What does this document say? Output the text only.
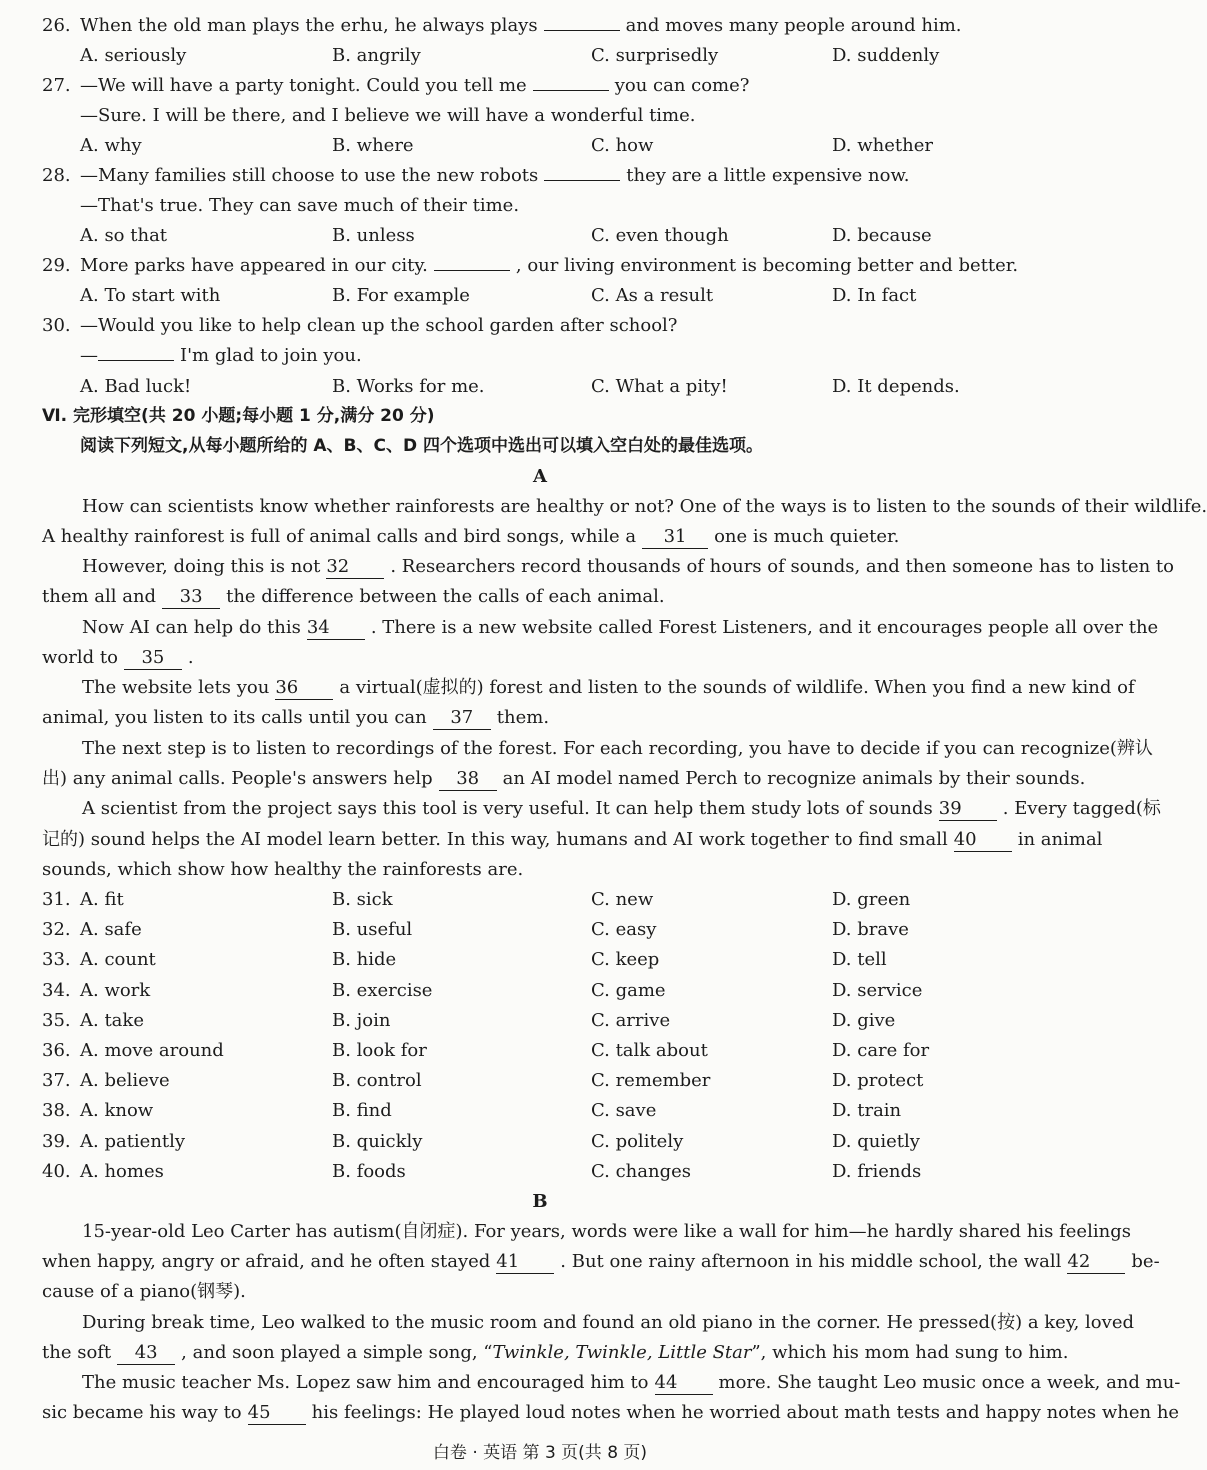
26. When the old man plays the erhu, he always plays	and moves many people around him.
A. seriously	B. angrily	C. surprisedly	D. suddenly
27. —We will have a party tonight. Could you tell me	you can come?
—Sure. I will be there, and I believe we will have a wonderful time.
A. why	B. where	C. how	D. whether
28. —Many families still choose to use the new robots	they are a little expensive now.
—That's true. They can save much of their time.
A. so that	B. unless	C. even though	D. because
29. More parks have appeared in our city.	, our living environment is becoming better and better.
A. To start with	B. For example	C. As a result	D. In fact
30. —Would you like to help clean up the school garden after school?
—	I'm glad to join you.
A. Bad luck!	B. Works for me.	C. What a pity!	D. It depends.
Ⅵ. 完形填空(共 20 小题;每小题 1 分,满分 20 分)
阅读下列短文,从每小题所给的 A、B、C、D 四个选项中选出可以填入空白处的最佳选项。
A
How can scientists know whether rainforests are healthy or not? One of the ways is to listen to the sounds of their wildlife.
A healthy rainforest is full of animal calls and bird songs, while a 31 one is much quieter.
However, doing this is not 32 . Researchers record thousands of hours of sounds, and then someone has to listen to
them all and 33 the difference between the calls of each animal.
Now AI can help do this 34 . There is a new website called Forest Listeners, and it encourages people all over the
world to 35 .
The website lets you 36 a virtual(虚拟的) forest and listen to the sounds of wildlife. When you find a new kind of
animal, you listen to its calls until you can 37 them.
The next step is to listen to recordings of the forest. For each recording, you have to decide if you can recognize(辨认
出) any animal calls. People's answers help 38 an AI model named Perch to recognize animals by their sounds.
A scientist from the project says this tool is very useful. It can help them study lots of sounds 39 . Every tagged(标
记的) sound helps the AI model learn better. In this way, humans and AI work together to find small 40 in animal
sounds, which show how healthy the rainforests are.
31. A. fit	B. sick	C. new	D. green
32. A. safe	B. useful	C. easy	D. brave
33. A. count	B. hide	C. keep	D. tell
34. A. work	B. exercise	C. game	D. service
35. A. take	B. join	C. arrive	D. give
36. A. move around	B. look for	C. talk about	D. care for
37. A. believe	B. control	C. remember	D. protect
38. A. know	B. find	C. save	D. train
39. A. patiently	B. quickly	C. politely	D. quietly
40. A. homes	B. foods	C. changes	D. friends
B
15-year-old Leo Carter has autism(自闭症). For years, words were like a wall for him—he hardly shared his feelings
when happy, angry or afraid, and he often stayed 41 . But one rainy afternoon in his middle school, the wall 42 be-
cause of a piano(钢琴).
During break time, Leo walked to the music room and found an old piano in the corner. He pressed(按) a key, loved
the soft 43 , and soon played a simple song, “Twinkle, Twinkle, Little Star”, which his mom had sung to him.
The music teacher Ms. Lopez saw him and encouraged him to 44 more. She taught Leo music once a week, and mu-
sic became his way to 45 his feelings: He played loud notes when he worried about math tests and happy notes when he
白卷 · 英语 第 3 页(共 8 页)
